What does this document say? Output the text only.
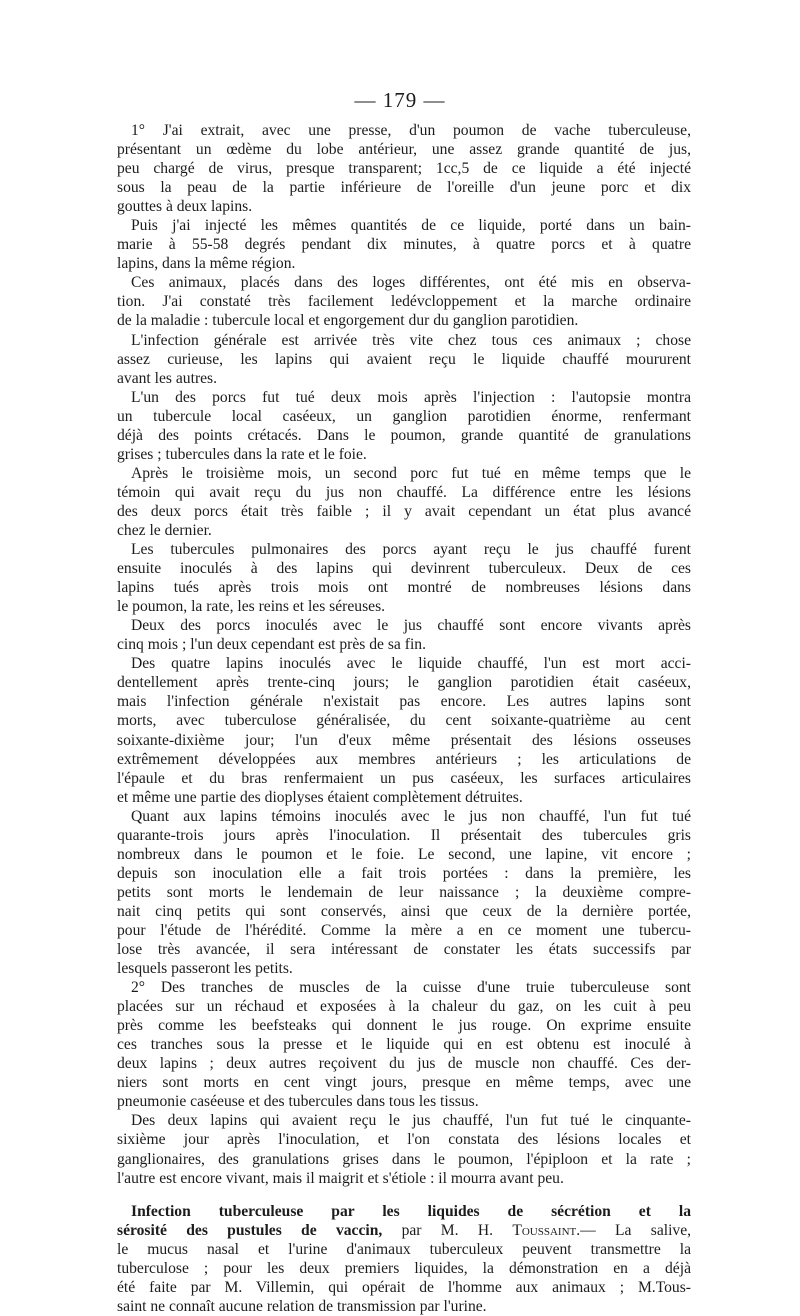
— 179 —
1° J'ai extrait, avec une presse, d'un poumon de vache tuberculeuse,
présentant un œdème du lobe antérieur, une assez grande quantité de jus,
peu chargé de virus, presque transparent; 1cc,5 de ce liquide a été injecté
sous la peau de la partie inférieure de l'oreille d'un jeune porc et dix
gouttes à deux lapins.
Puis j'ai injecté les mêmes quantités de ce liquide, porté dans un bain-
marie à 55-58 degrés pendant dix minutes, à quatre porcs et à quatre
lapins, dans la même région.
Ces animaux, placés dans des loges différentes, ont été mis en observa-
tion. J'ai constaté très facilement ledévcloppement et la marche ordinaire
de la maladie : tubercule local et engorgement dur du ganglion parotidien.
L'infection générale est arrivée très vite chez tous ces animaux ; chose
assez curieuse, les lapins qui avaient reçu le liquide chauffé moururent
avant les autres.
L'un des porcs fut tué deux mois après l'injection : l'autopsie montra
un tubercule local caséeux, un ganglion parotidien énorme, renfermant
déjà des points crétacés. Dans le poumon, grande quantité de granulations
grises ; tubercules dans la rate et le foie.
Après le troisième mois, un second porc fut tué en même temps que le
témoin qui avait reçu du jus non chauffé. La différence entre les lésions
des deux porcs était très faible ; il y avait cependant un état plus avancé
chez le dernier.
Les tubercules pulmonaires des porcs ayant reçu le jus chauffé furent
ensuite inoculés à des lapins qui devinrent tuberculeux. Deux de ces
lapins tués après trois mois ont montré de nombreuses lésions dans
le poumon, la rate, les reins et les séreuses.
Deux des porcs inoculés avec le jus chauffé sont encore vivants après
cinq mois ; l'un deux cependant est près de sa fin.
Des quatre lapins inoculés avec le liquide chauffé, l'un est mort acci-
dentellement après trente-cinq jours; le ganglion parotidien était caséeux,
mais l'infection générale n'existait pas encore. Les autres lapins sont
morts, avec tuberculose généralisée, du cent soixante-quatrième au cent
soixante-dixième jour; l'un d'eux même présentait des lésions osseuses
extrêmement développées aux membres antérieurs ; les articulations de
l'épaule et du bras renfermaient un pus caséeux, les surfaces articulaires
et même une partie des dioplyses étaient complètement détruites.
Quant aux lapins témoins inoculés avec le jus non chauffé, l'un fut tué
quarante-trois jours après l'inoculation. Il présentait des tubercules gris
nombreux dans le poumon et le foie. Le second, une lapine, vit encore ;
depuis son inoculation elle a fait trois portées : dans la première, les
petits sont morts le lendemain de leur naissance ; la deuxième compre-
nait cinq petits qui sont conservés, ainsi que ceux de la dernière portée,
pour l'étude de l'hérédité. Comme la mère a en ce moment une tubercu-
lose très avancée, il sera intéressant de constater les états successifs par
lesquels passeront les petits.
2° Des tranches de muscles de la cuisse d'une truie tuberculeuse sont
placées sur un réchaud et exposées à la chaleur du gaz, on les cuit à peu
près comme les beefsteaks qui donnent le jus rouge. On exprime ensuite
ces tranches sous la presse et le liquide qui en est obtenu est inoculé à
deux lapins ; deux autres reçoivent du jus de muscle non chauffé. Ces der-
niers sont morts en cent vingt jours, presque en même temps, avec une
pneumonie caséeuse et des tubercules dans tous les tissus.
Des deux lapins qui avaient reçu le jus chauffé, l'un fut tué le cinquante-
sixième jour après l'inoculation, et l'on constata des lésions locales et
ganglionaires, des granulations grises dans le poumon, l'épiploon et la rate ;
l'autre est encore vivant, mais il maigrit et s'étiole : il mourra avant peu.
Infection tuberculeuse par les liquides de sécrétion et la
sérosité des pustules de vaccin, par M. H. Toussaint.— La salive,
le mucus nasal et l'urine d'animaux tuberculeux peuvent transmettre la
tuberculose ; pour les deux premiers liquides, la démonstration en a déjà
été faite par M. Villemin, qui opérait de l'homme aux animaux ; M.Tous-
saint ne connaît aucune relation de transmission par l'urine.
